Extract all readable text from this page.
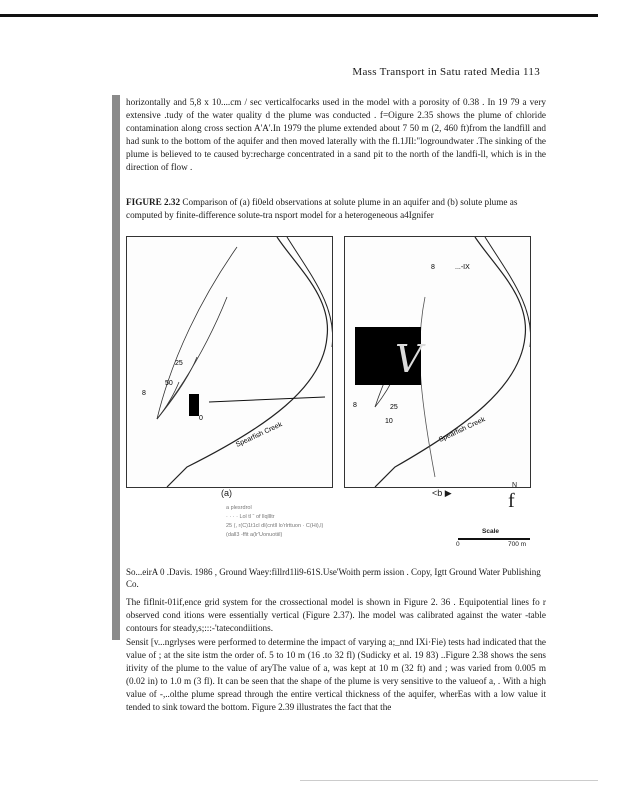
Mass Transport in Satu rated Media 113
horizontally and 5,8 x 10....cm / sec verticalfocarks used in the model with a porosity of 0.38 . In 19 79 a very extensive .tudy of the water quality d the plume was conducted . f=Oigure 2.35 shows the plume of chloride contamination along cross section A'A'.In 1979 the plume extended about 7 50 m (2, 460 ft)from the landfill and had sunk to the bottom of the aquifer and then moved laterally with the fl.1JIl:"logroundwater .The sinking of the plume is believed to te caused by:recharge concentrated in a sand pit to the north of the landfi-ll, which is in the direction of flow .
FIGURE 2.32 Comparison of (a) fi0eld observations at solute plume in an aquifer and (b) solute plume as computed by finite-difference solute-tra nsport model for a heterogeneous a4Ignifer
8
0
25
50
Spearfish Creek
V
...-IX
8
8	25
10	Spearfish Creek
(a)	<b ▶
N
f
a plesrdrol
· · · · Lol tl ˘ of llqllltr
25 (, r(C)1t1cl dl(cntll lo'rlrttuon · C(Hi),l)
(dall3 -ffit a(lr'Uonuotiil)	Scale
0	700 m
So...eirA 0 .Davis. 1986 , Ground Waey:fillrd1li9-61S.Use'Woith perm ission . Copy, Igtt Ground Water Publishing Co.
The fiflnit-01if,ence grid system for the crossectional model is shown in Figure 2. 36 . Equipotential lines fo r observed cond itions were essentially vertical (Figure 2.37). lhe model was calibrated against the water -table contours for steady,s;:::-'tatecondiitions.
Sensit [v...ngrlyses were performed to determine the impact of varying a;_nnd IXi·Fie) tests had indicated that the value of ; at the site istm the order of. 5 to 10 m (16 .to 32 fl) (Sudicky et al. 19 83) ..Figure 2.38 shows the sens itivity of the plume to the value of aryThe value of a, was kept at 10 m (32 ft) and ; was varied from 0.005 m (0.02 in) to 1.0 m (3 fl). It can be seen that the shape of the plume is very sensitive to the valueof a, . With a high value of -,..olthe plume spread through the entire vertical thickness of the aquifer, wherEas with a low value it tended to sink toward the bottom. Figure 2.39 illustrates the fact that the
